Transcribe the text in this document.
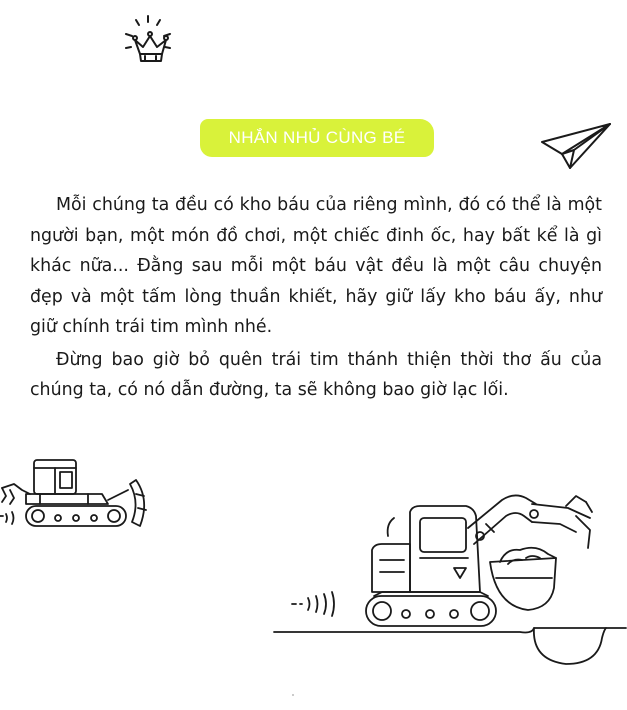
NHẮN NHỦ CÙNG BÉ

Mỗi chúng ta đều có kho báu của riêng mình, đó có thể là một người bạn, một món đồ chơi, một chiếc đinh ốc, hay bất kể là gì khác nữa... Đằng sau mỗi một báu vật đều là một câu chuyện đẹp và một tấm lòng thuần khiết, hãy giữ lấy kho báu ấy, như giữ chính trái tim mình nhé.

Đừng bao giờ bỏ quên trái tim thánh thiện thời thơ ấu của chúng ta, có nó dẫn đường, ta sẽ không bao giờ lạc lối.
